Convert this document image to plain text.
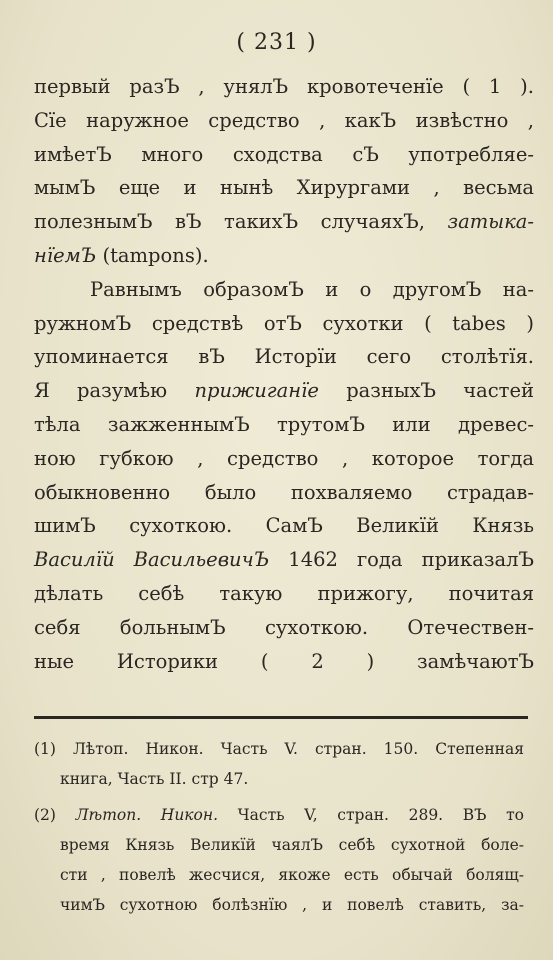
( 231 )
первый разЪ , унялЪ кровотеченїе ( 1 ).
Сїе наружное средство , какЪ извѣстно ,
имѣетЪ много сходства сЪ употребляе-
мымЪ еще и нынѣ Хирургами , весьма
полезнымЪ вЪ такихЪ случаяхЪ, затыка-
нїемЪ (tampons).
Равнымъ образомЪ и о другомЪ на-
ружномЪ средствѣ отЪ сухотки ( tabes )
упоминается вЪ Исторїи сего столѣтїя.
Я разумѣю прижиганїе разныхЪ частей
тѣла зажженнымЪ трутомЪ или древес-
ною губкою , средство , которое тогда
обыкновенно было похваляемо страдав-
шимЪ сухоткою. СамЪ Великїй Князь
Василїй ВасильевичЪ 1462 года приказалЪ
дѣлать себѣ такую прижогу, почитая
себя больнымЪ сухоткою. Отечествен-
ные Историки ( 2 ) замѣчаютЪ
(1) Лѣтоп. Никон. Часть V. стран. 150. Степенная
книга, Часть II. стр 47.
(2) Лѣтоп. Никон. Часть V, стран. 289. ВЪ то
время Князь Великїй чаялЪ себѣ сухотной боле-
сти , повелѣ жесчися, якоже есть обычай болящ-
чимЪ сухотною болѣзнїю , и повелѣ ставить, за-
